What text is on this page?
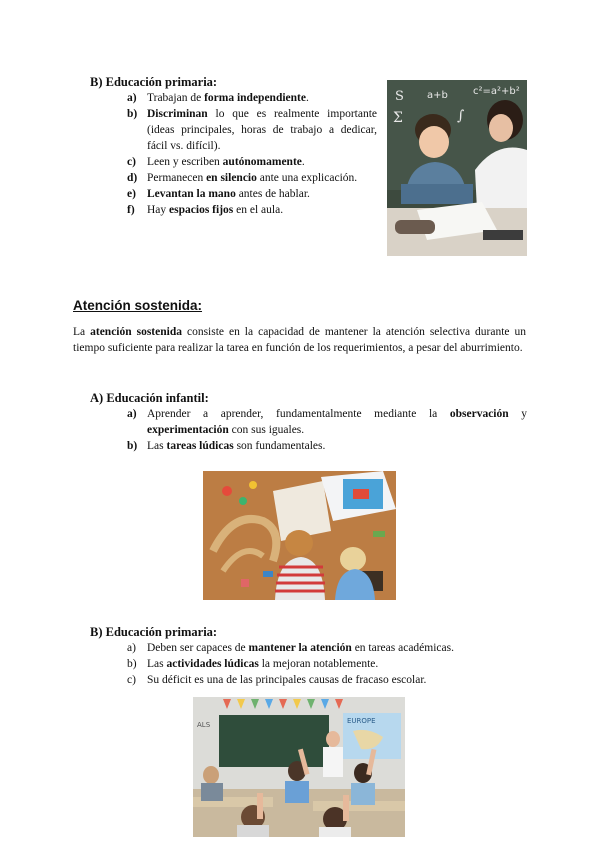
B) Educación primaria:
a) Trabajan de forma independiente.
b) Discriminan lo que es realmente importante (ideas principales, horas de trabajo a dedicar, fácil vs. difícil).
c) Leen y escriben autónomamente.
d) Permanecen en silencio ante una explicación.
e) Levantan la mano antes de hablar.
f) Hay espacios fijos en el aula.
S a+b	c²=a²+b²
Σ	∫
Atención sostenida:
La atención sostenida consiste en la capacidad de mantener la atención selectiva durante un tiempo suficiente para realizar la tarea en función de los requerimientos, a pesar del aburrimiento.
A) Educación infantil:
a) Aprender a aprender, fundamentalmente mediante la observación y experimentación con sus iguales.
b) Las tareas lúdicas son fundamentales.
B) Educación primaria:
a) Deben ser capaces de mantener la atención en tareas académicas.
b) Las actividades lúdicas la mejoran notablemente.
c) Su déficit es una de las principales causas de fracaso escolar.
ALS	EUROPE
